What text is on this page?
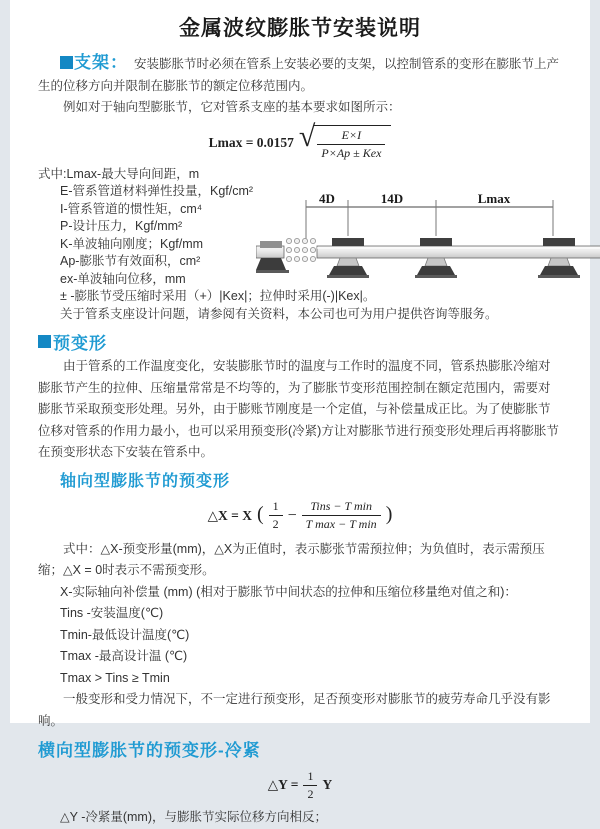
金属波纹膨胀节安装说明

支架： 安装膨胀节时必须在管系上安装必要的支架，以控制管系的变形在膨胀节上产生的位移方向并限制在膨胀节的额定位移范围内。

例如对于轴向型膨胀节，它对管系支座的基本要求如图所示：

Lmax = 0.0157 √ $\frac{E\times I}{\text{P×Ap ± Kex}}$
式中:Lmax-最大导向间距，m
E-管系管道材料弹性投量，Kgf/cm²
I-管系管道的惯性矩，cm⁴
P-设计压力，Kgf/mm²
K-单波轴向刚度；Kgf/mm
Ap-膨胀节有效面积，cm²
ex-单波轴向位移，mm
± -膨胀节受压缩时采用（+）|Kex|；拉伸时采用(-)|Kex|。
关于管系支座设计问题，请参阅有关资料，本公司也可为用户提供咨询等服务。
4D	14D	Lmax
预变形

由于管系的工作温度变化，安装膨胀节时的温度与工作时的温度不同，管系热膨胀冷缩对膨胀节产生的拉伸、压缩量常常是不均等的，为了膨胀节变形范围控制在额定范围内，需要对膨胀节采取预变形处理。另外，由于膨账节刚度是一个定值，与补偿量成正比。为了使膨胀节位移对管系的作用力最小，也可以采用预变形(冷紧)方让对膨胀节进行预变形处理后再将膨胀节在预变形状态下安装在管系中。

轴向型膨胀节的预变形
△X = X ( $\frac{1}{2} - \frac{\text{Tins − T min}}{\text{T max − T min}}$ )

式中：△X-预变形量(mm)，△X为正值时，表示膨张节需预拉伸；为负值时，表示需预压缩；△X = 0时表示不需预变形。

X-实际轴向补偿量 (mm) (相对于膨胀节中间状态的拉伸和压缩位移量绝对值之和)：
Tins -安装温度(℃)
Tmin-最低设计温度(℃)
Tmax -最高设计温 (℃)
Tmax > Tins ≥ Tmin

一般变形和受力情况下，不一定进行预变形，足否预变形对膨胀节的疲劳寿命几乎没有影响。

横向型膨胀节的预变形-冷紧
△Y = $\frac{1}{2}$ Y

△Y -冷紧量(mm)，与膨胀节实际位移方向相反；
